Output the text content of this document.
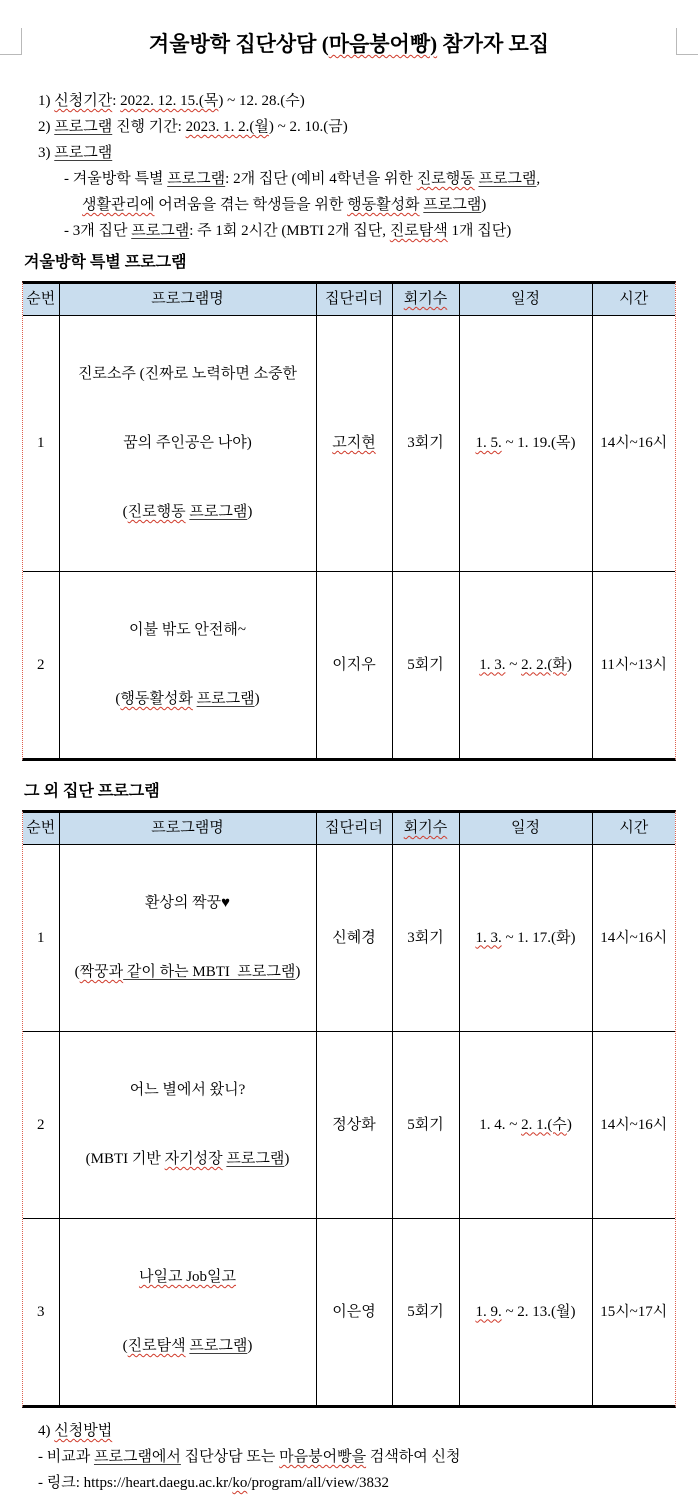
겨울방학 집단상담 (마음붕어빵) 참가자 모집

1) 신청기간: 2022. 12. 15.(목) ~ 12. 28.(수)

2) 프로그램 진행 기간: 2023. 1. 2.(월) ~ 2. 10.(금)

3) 프로그램

- 겨울방학 특별 프로그램: 2개 집단 (예비 4학년을 위한 진로행동 프로그램,

생활관리에 어려움을 겪는 학생들을 위한 행동활성화 프로그램)

- 3개 집단 프로그램: 주 1회 2시간 (MBTI 2개 집단, 진로탐색 1개 집단)

겨울방학 특별 프로그램
순번	프로그램명	집단리더	회기수	일정	시간
1	진로소주 (진짜로 노력하면 소중한

꿈의 주인공은 나야)

(진로행동 프로그램)	고지현	3회기	1. 5. ~ 1. 19.(목)	14시~16시
2	이불 밖도 안전해~

(행동활성화 프로그램)	이지우	5회기	1. 3. ~ 2. 2.(화)	11시~13시
그 외 집단 프로그램
순번	프로그램명	집단리더	회기수	일정	시간
1	환상의 짝꿍♥

(짝꿍과 같이 하는 MBTI  프로그램)	신혜경	3회기	1. 3. ~ 1. 17.(화)	14시~16시
2	어느 별에서 왔니?

(MBTI 기반 자기성장 프로그램)	정상화	5회기	1. 4. ~ 2. 1.(수)	14시~16시
3	나일고 Job일고

(진로탐색 프로그램)	이은영	5회기	1. 9. ~ 2. 13.(월)	15시~17시

4) 신청방법

- 비교과 프로그램에서 집단상담 또는 마음붕어빵을 검색하여 신청

- 링크: https://heart.daegu.ac.kr/ko/program/all/view/3832
